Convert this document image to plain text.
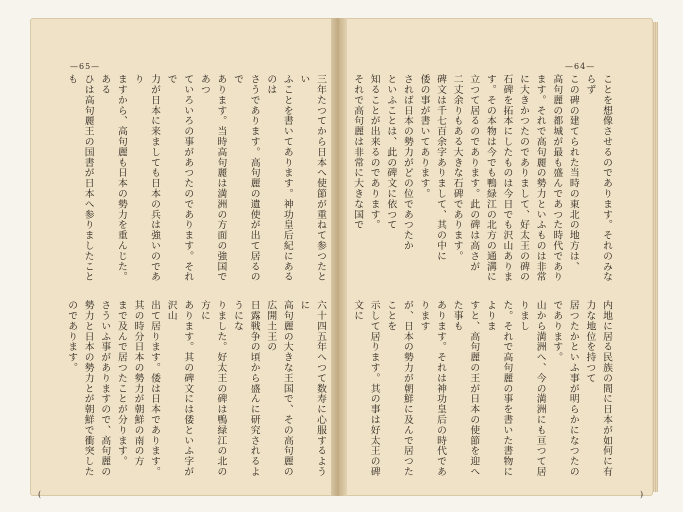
—65—	—64—
三年たつてから日本へ使節が重ねて参つたとい
ふことを書いてあります。神功皇后紀にあるのは
さうであります。高句麗の遺使が出て居るので
あります。当時高句麗は満洲の方面の強国であつ
ていろいろの事があつたのであります。それで
力が日本に来ましても日本の兵は強いのであり
ますから、高句麗も日本の勢力を重んじた。ある
ひは高句麗王の国書が日本へ参りましたことも
六十四五年へつて数寿に心服するように
高句麗の大きな王国で、その高句麗の広開土王の
日露戦争の頃から盛んに研究されるようにな
りました。好太王の碑は鴨緑江の北の方に
あります。其の碑文には倭といふ字が沢山
出て居ります。倭は日本であります。
其の時分日本の勢力が朝鮮の南の方
まで及んで居つたことが分ります。
さういふ事がありますので、高句麗の
勢力と日本の勢力とが朝鮮で衝突した
のであります。
ことを想像させるのであります。それのみならず
この碑の建てられた当時の東北の地方は、
高句麗の都城が最も盛んであつた時代であり
ます。それで高句麗の勢力といふものは非常
に大きかつたのでありまして、好太王の碑の
石碑を拓本にしたものは今日でも沢山ありま
す。その本物は今でも鴨緑江の北方の通溝に
立つて居るのであります。此の碑は高さが
二丈余りもある大きな石碑であります。
碑文は千七百余字ありまして、其の中に
倭の事が書いてあります。
されば日本の勢力がどの位であつたか
といふことは、此の碑文に依つて
知ることが出来るのであります。
それで高句麗は非常に大きな国で
内地に居る民族の間に日本が如何に有力な地位を持つて
居つたかといふ事が明らかになつたのであります。
山から満洲へ、今の満洲にも亘つて居りまし
た。それで高句麗の事を書いた書物によりま
すと、高句麗の王が日本の使節を迎へた事も
あります。それは神功皇后の時代であります
が、日本の勢力が朝鮮に及んで居つたことを
示して居ります。其の事は好太王の碑文に
(	)
